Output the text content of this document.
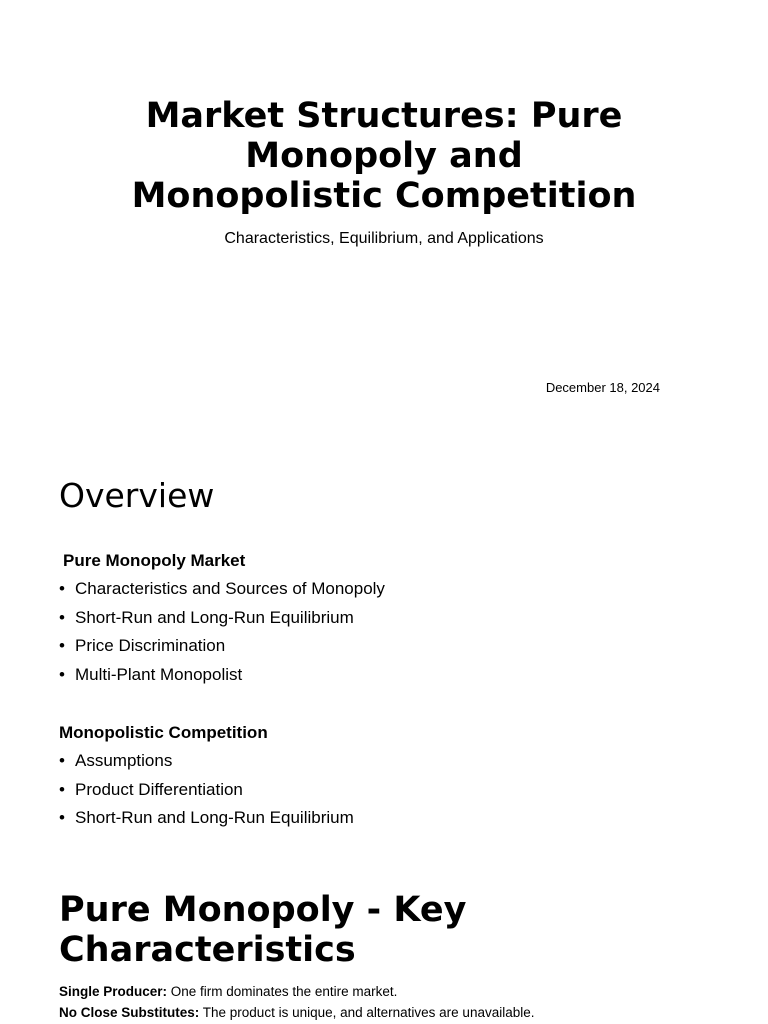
Market Structures: Pure
Monopoly and
Monopolistic Competition
Characteristics, Equilibrium, and Applications
December 18, 2024
Overview
Pure Monopoly Market
• Characteristics and Sources of Monopoly
• Short-Run and Long-Run Equilibrium
• Price Discrimination
• Multi-Plant Monopolist
Monopolistic Competition
• Assumptions
• Product Differentiation
• Short-Run and Long-Run Equilibrium
Pure Monopoly - Key
Characteristics
Single Producer: One firm dominates the entire market.
No Close Substitutes: The product is unique, and alternatives are unavailable.
